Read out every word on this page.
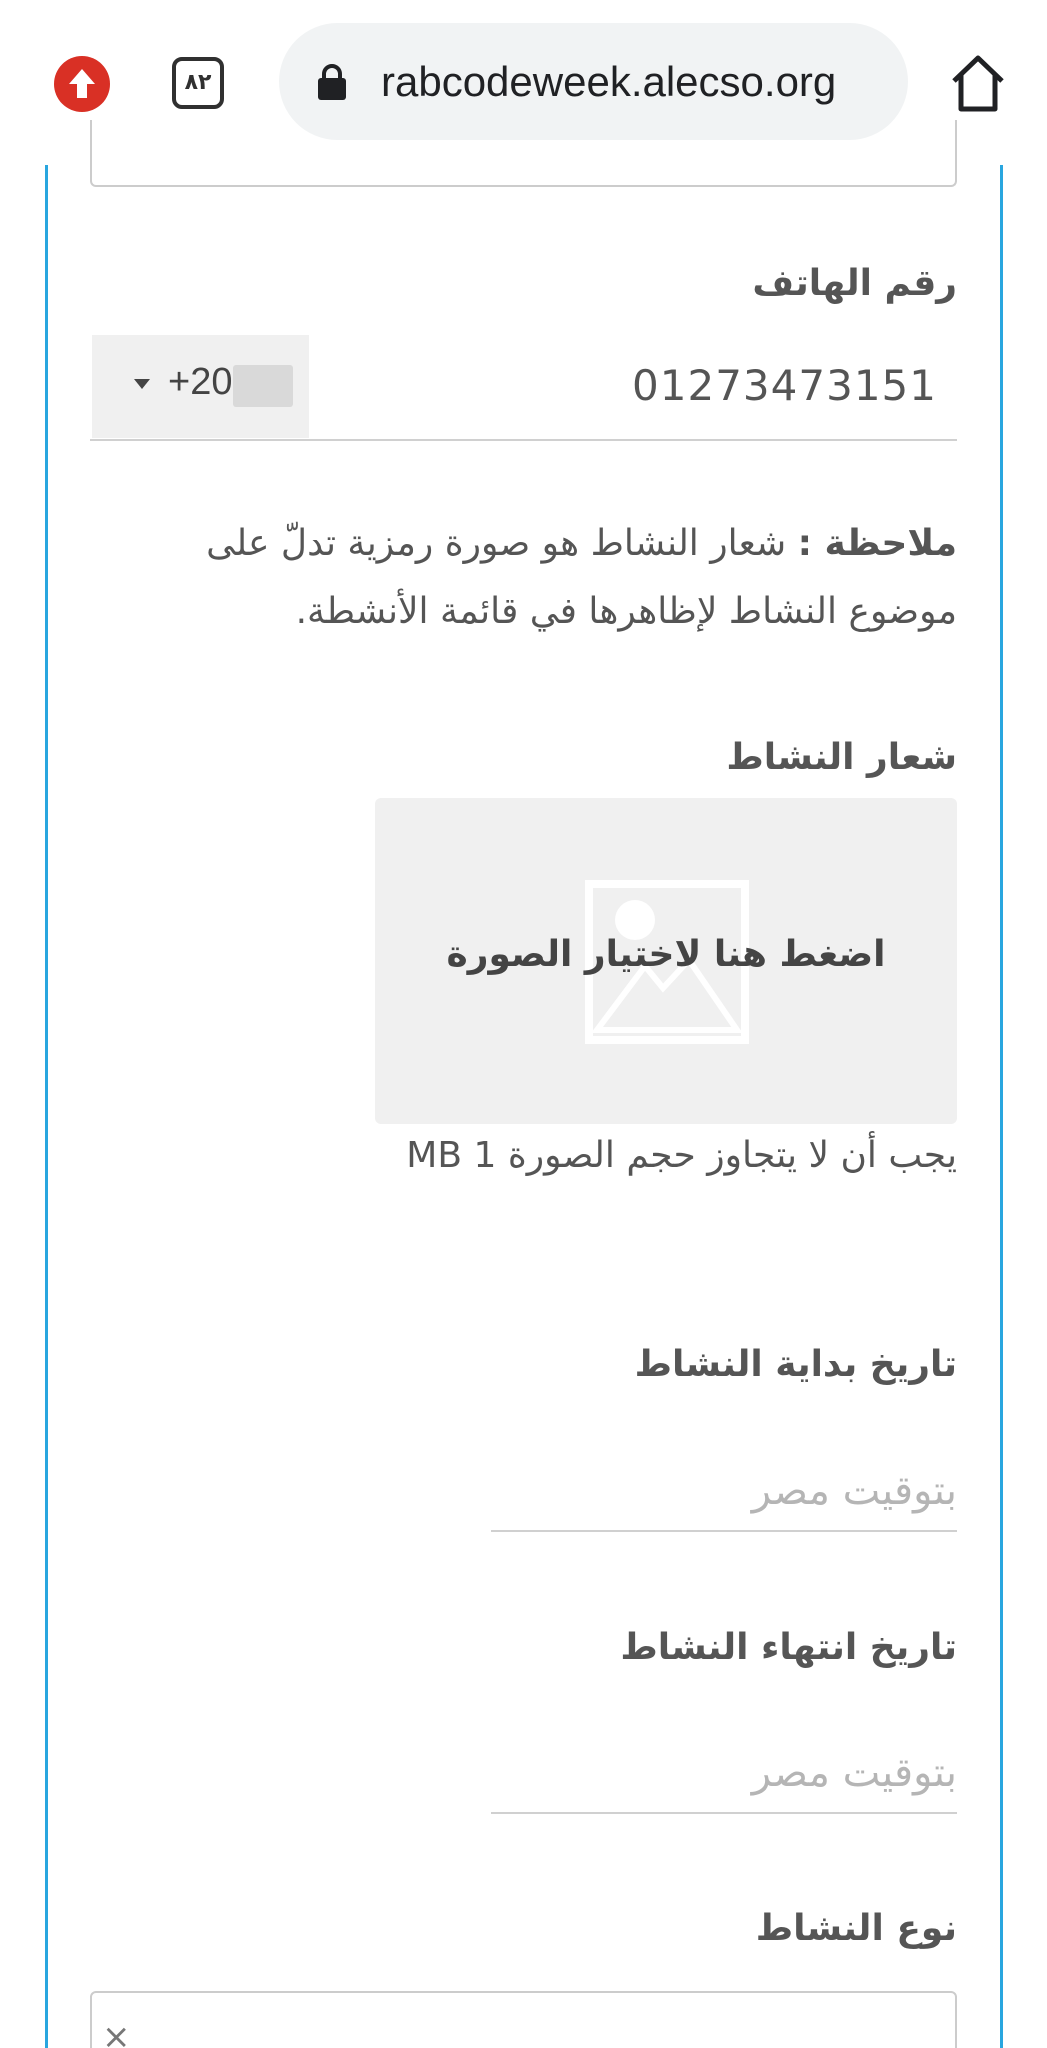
٨٢	rabcodeweek.alecso.org
رقم الهاتف
+20	01273473151
ملاحظة : شعار النشاط هو صورة رمزية تدلّ على موضوع النشاط لإظاهرها في قائمة الأنشطة.
شعار النشاط
اضغط هنا لاختيار الصورة
يجب أن لا يتجاوز حجم الصورة 1 MB
تاريخ بداية النشاط
بتوقيت مصر
تاريخ انتهاء النشاط
بتوقيت مصر
نوع النشاط
×
